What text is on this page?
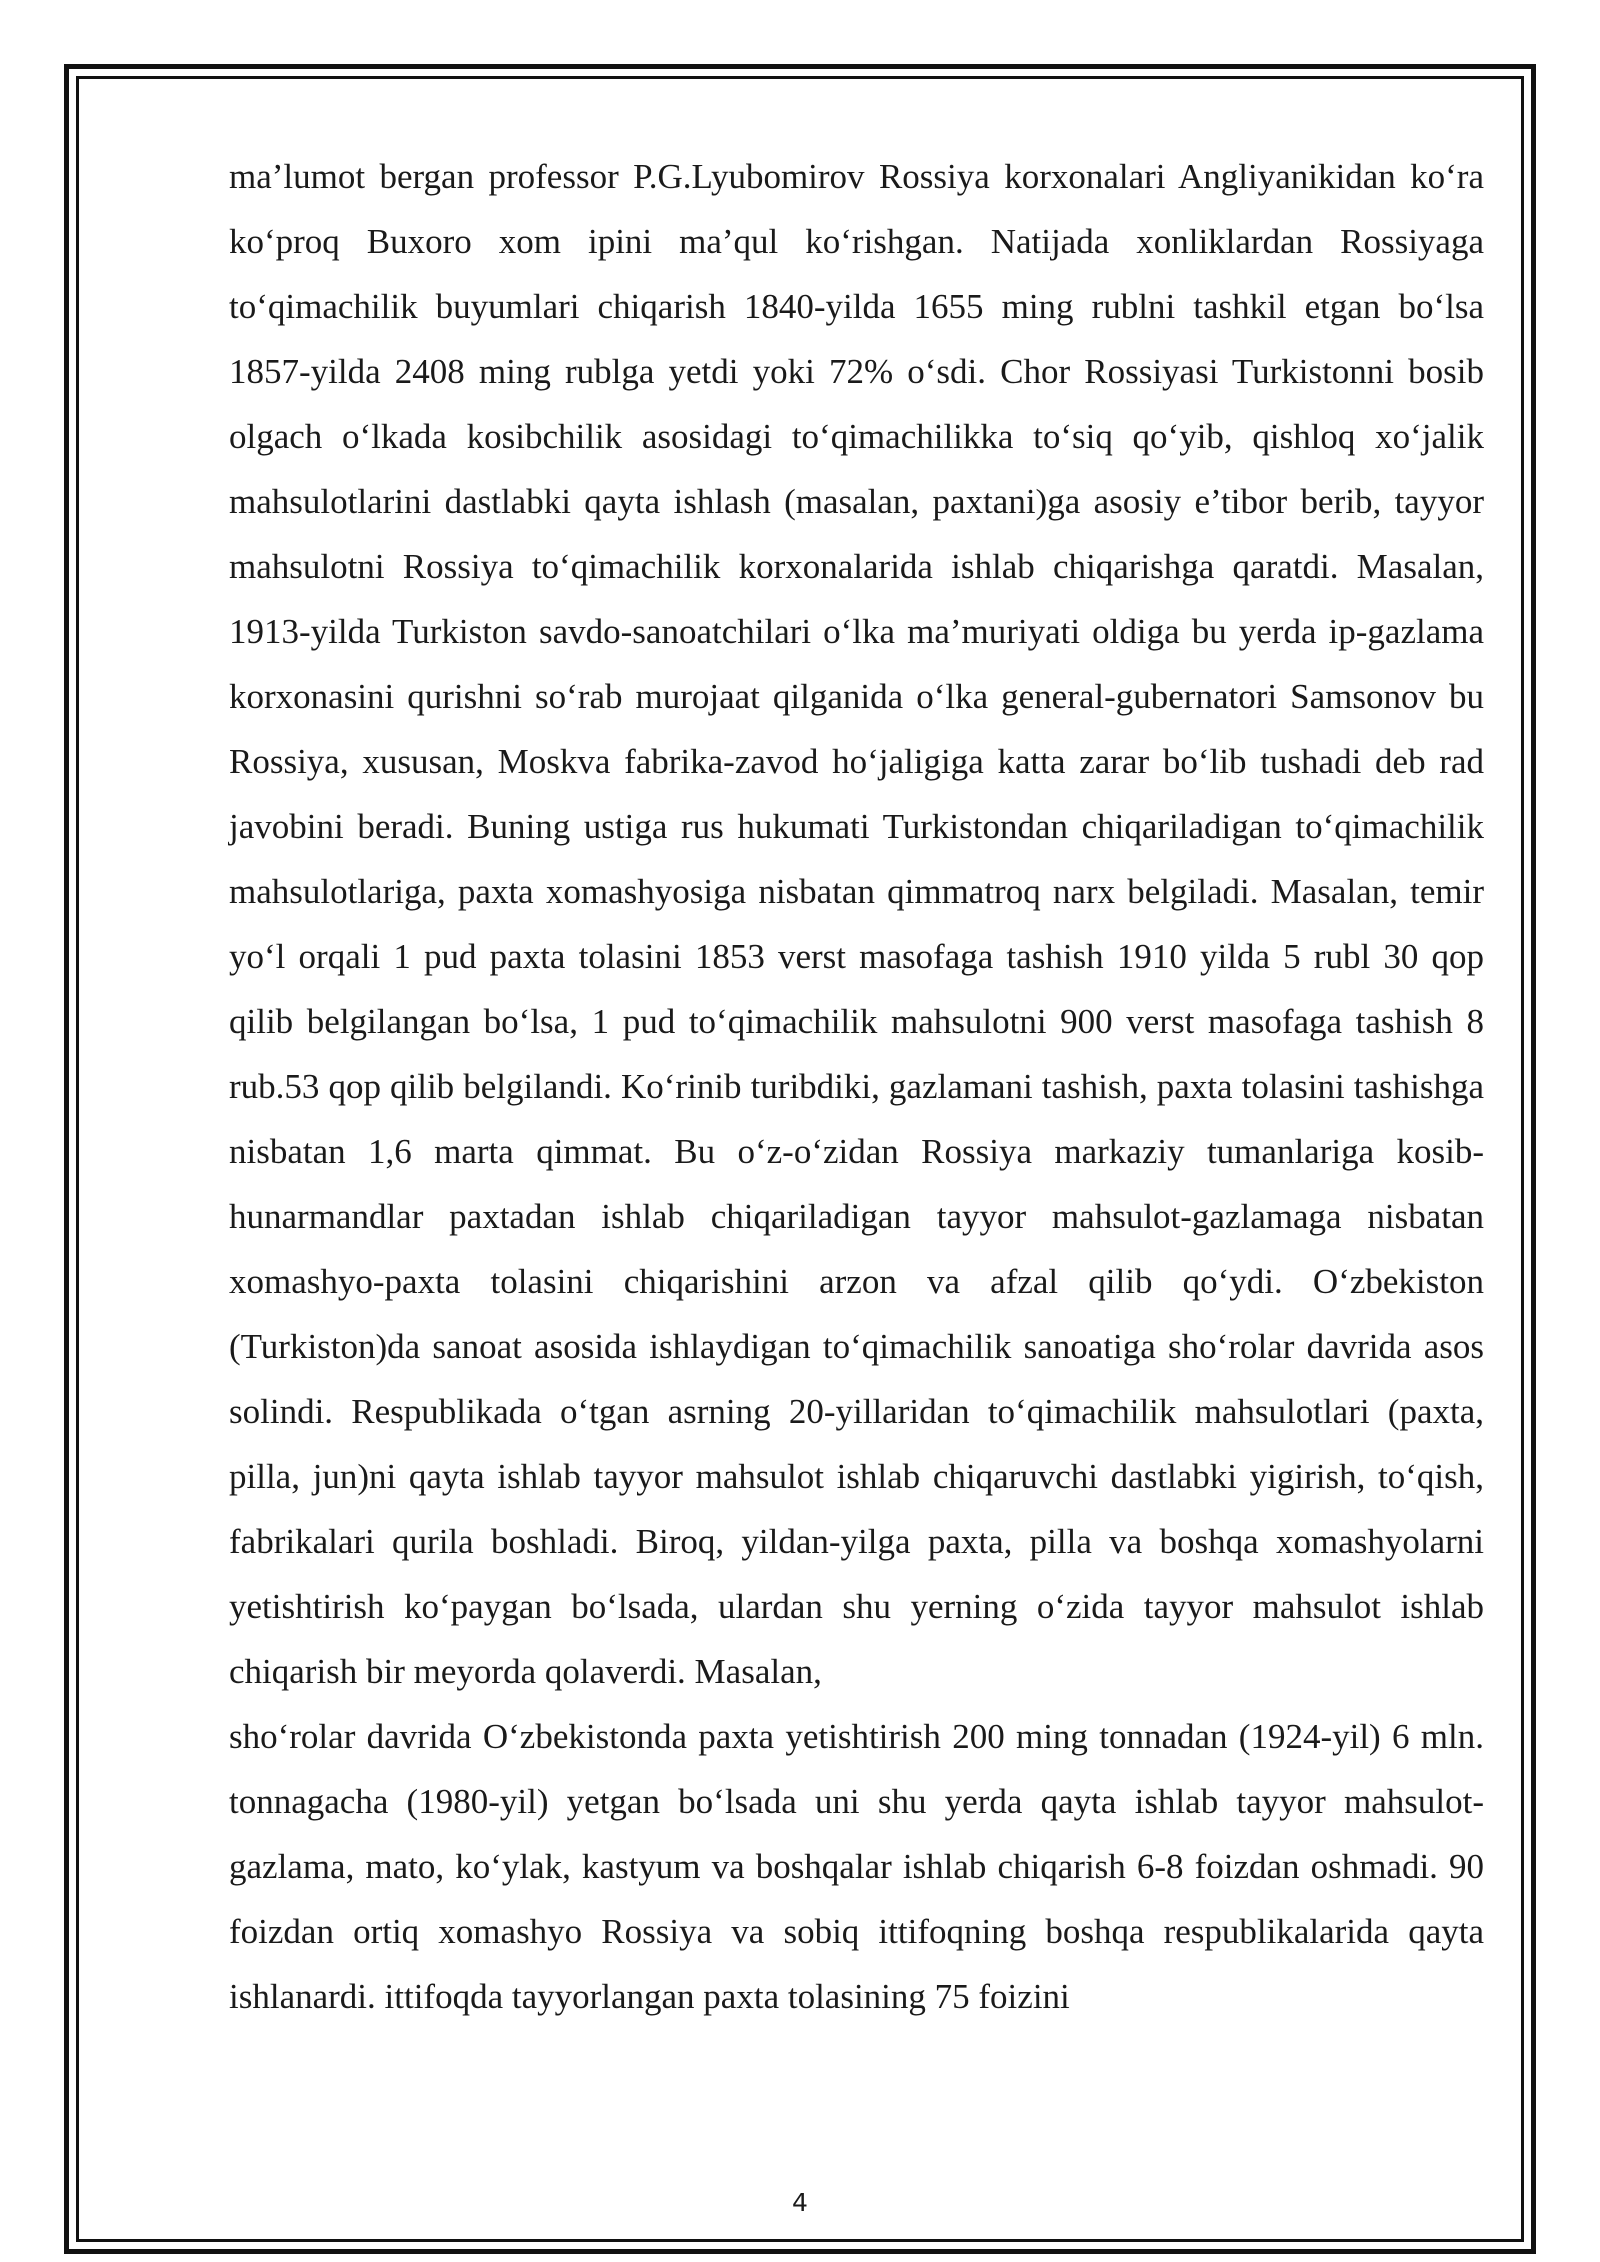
ma’lumot bergan professor P.G.Lyubomirov Rossiya korxonalari Angliyanikidan ko‘ra ko‘proq Buxoro xom ipini ma’qul ko‘rishgan. Natijada xonliklardan Rossiyaga to‘qimachilik buyumlari chiqarish 1840-yilda 1655 ming rublni tashkil etgan bo‘lsa 1857-yilda 2408 ming rublga yetdi yoki 72% o‘sdi. Chor Rossiyasi Turkistonni bosib olgach o‘lkada kosibchilik asosidagi to‘qimachilikka to‘siq qo‘yib, qishloq xo‘jalik mahsulotlarini dastlabki qayta ishlash (masalan, paxtani)ga asosiy e’tibor berib, tayyor mahsulotni Rossiya to‘qimachilik korxonalarida ishlab chiqarishga qaratdi. Masalan, 1913-yilda Turkiston savdo-sanoatchilari o‘lka ma’muriyati oldiga bu yerda ip-gazlama korxonasini qurishni so‘rab murojaat qilganida o‘lka general-gubernatori Samsonov bu Rossiya, xususan, Moskva fabrika-zavod ho‘jaligiga katta zarar bo‘lib tushadi deb rad javobini beradi. Buning ustiga rus hukumati Turkistondan chiqariladigan to‘qimachilik mahsulotlariga, paxta xomashyosiga nisbatan qimmatroq narx belgiladi. Masalan, temir yo‘l orqali 1 pud paxta tolasini 1853 verst masofaga tashish 1910 yilda 5 rubl 30 qop qilib belgilangan bo‘lsa, 1 pud to‘qimachilik mahsulotni 900 verst masofaga tashish 8 rub.53 qop qilib belgilandi. Ko‘rinib turibdiki, gazlamani tashish, paxta tolasini tashishga nisbatan 1,6 marta qimmat. Bu o‘z-o‘zidan Rossiya markaziy tumanlariga kosib-hunarmandlar paxtadan ishlab chiqariladigan tayyor mahsulot-gazlamaga nisbatan xomashyo-paxta tolasini chiqarishini arzon va afzal qilib qo‘ydi. O‘zbekiston (Turkiston)da sanoat asosida ishlaydigan to‘qimachilik sanoatiga sho‘rolar davrida asos solindi. Respublikada o‘tgan asrning 20-yillaridan to‘qimachilik mahsulotlari (paxta, pilla, jun)ni qayta ishlab tayyor mahsulot ishlab chiqaruvchi dastlabki yigirish, to‘qish, fabrikalari qurila boshladi. Biroq, yildan-yilga paxta, pilla va boshqa xomashyolarni yetishtirish ko‘paygan bo‘lsada, ulardan shu yerning o‘zida tayyor mahsulot ishlab chiqarish bir meyorda qolaverdi. Masalan,

sho‘rolar davrida O‘zbekistonda paxta yetishtirish 200 ming tonnadan (1924-yil) 6 mln. tonnagacha (1980-yil) yetgan bo‘lsada uni shu yerda qayta ishlab tayyor mahsulot-gazlama, mato, ko‘ylak, kastyum va boshqalar ishlab chiqarish 6-8 foizdan oshmadi. 90 foizdan ortiq xomashyo Rossiya va sobiq ittifoqning boshqa respublikalarida qayta ishlanardi. ittifoqda tayyorlangan paxta tolasining 75 foizini

4
